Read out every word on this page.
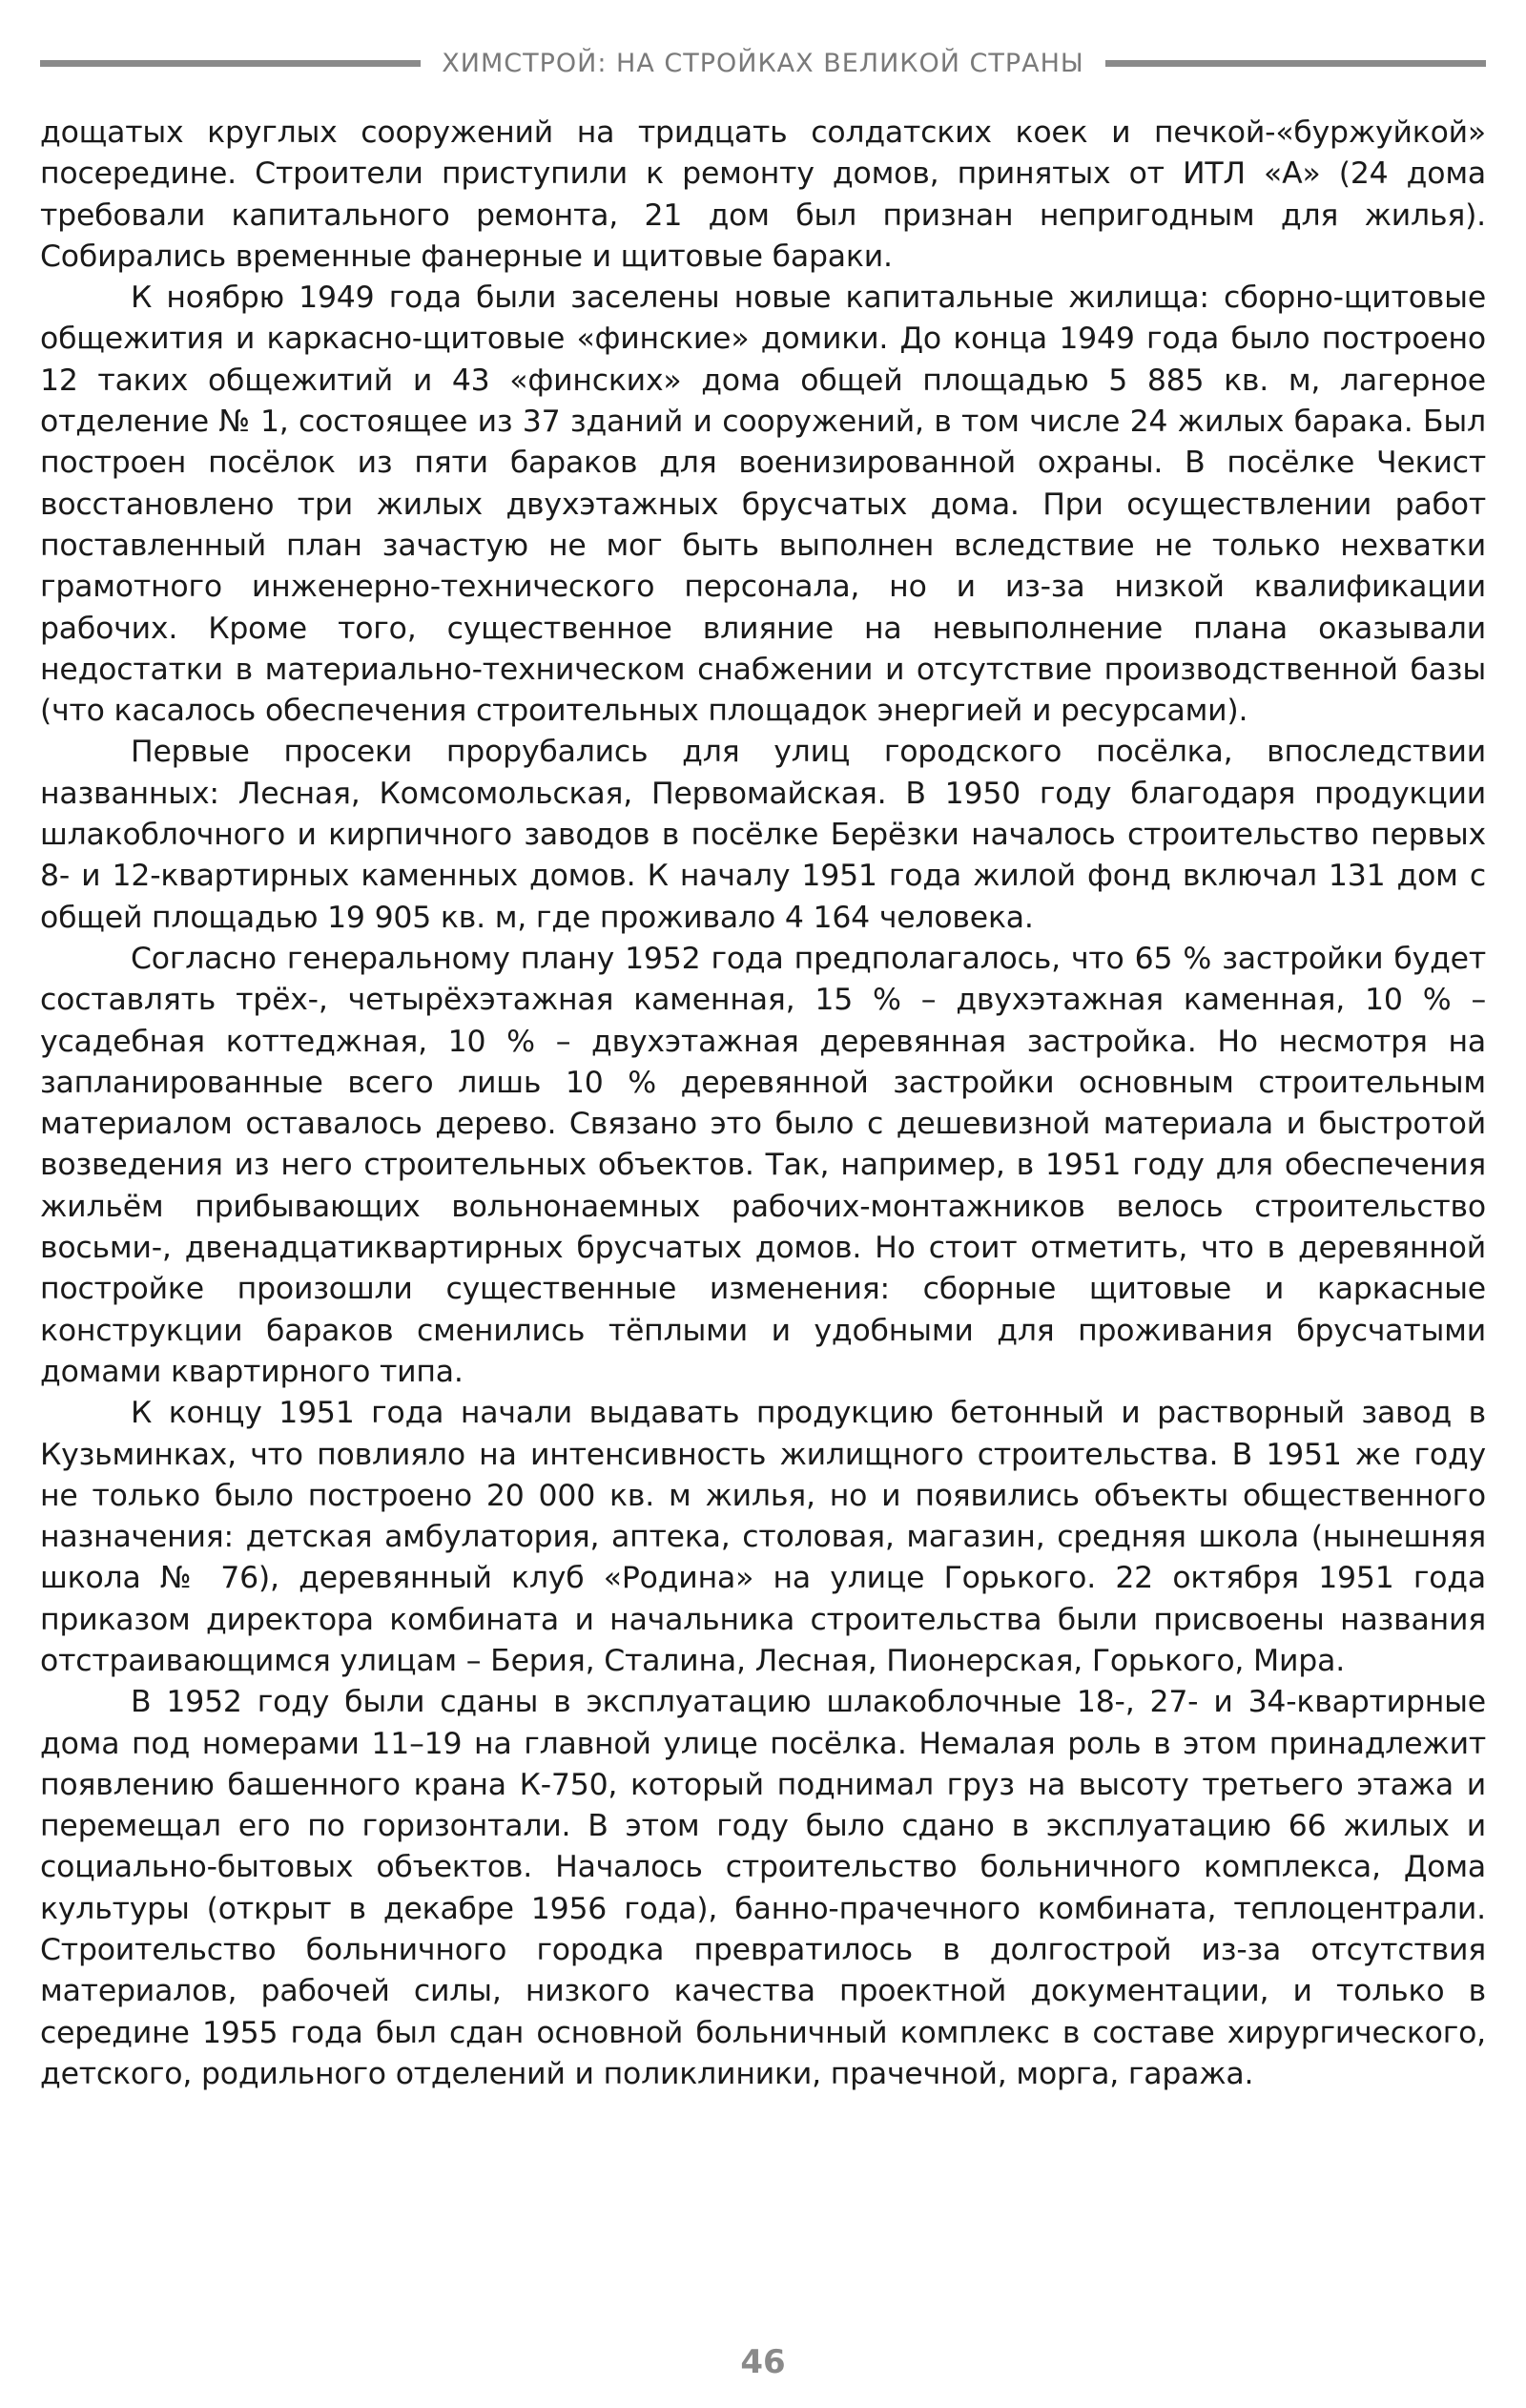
ХИМСТРОЙ: НА СТРОЙКАХ ВЕЛИКОЙ СТРАНЫ

дощатых круглых сооружений на тридцать солдатских коек и печкой-«буржуйкой» посередине. Строители приступили к ремонту домов, принятых от ИТЛ «А» (24 дома требовали капитального ремонта, 21 дом был признан непригодным для жилья). Собирались временные фанерные и щитовые бараки.

К ноябрю 1949 года были заселены новые капитальные жилища: сборно-щитовые общежития и каркасно-щитовые «финские» домики. До конца 1949 года было построено 12 таких общежитий и 43 «финских» дома общей площадью 5 885 кв. м, лагерное отделение № 1, состоящее из 37 зданий и сооружений, в том числе 24 жилых барака. Был построен посёлок из пяти бараков для военизированной охраны. В посёлке Чекист восстановлено три жилых двухэтажных брусчатых дома. При осуществлении работ поставленный план зачастую не мог быть выполнен вследствие не только нехватки грамотного инженерно-технического персонала, но и из-за низкой квалификации рабочих. Кроме того, существенное влияние на невыполнение плана оказывали недостатки в материально-техническом снабжении и отсутствие производственной базы (что касалось обеспечения строительных площадок энергией и ресурсами).

Первые просеки прорубались для улиц городского посёлка, впоследствии названных: Лесная, Комсомольская, Первомайская. В 1950 году благодаря продукции шлакоблочного и кирпичного заводов в посёлке Берёзки началось строительство первых 8- и 12-квартирных каменных домов. К началу 1951 года жилой фонд включал 131 дом с общей площадью 19 905 кв. м, где проживало 4 164 человека.

Согласно генеральному плану 1952 года предполагалось, что 65 % застройки будет составлять трёх-, четырёхэтажная каменная, 15 % – двухэтажная каменная, 10 % – усадебная коттеджная, 10 % – двухэтажная деревянная застройка. Но несмотря на запланированные всего лишь 10 % деревянной застройки основным строительным материалом оставалось дерево. Связано это было с дешевизной материала и быстротой возведения из него строительных объектов. Так, например, в 1951 году для обеспечения жильём прибывающих вольнонаемных рабочих-монтажников велось строительство восьми-, двенадцатиквартирных брусчатых домов. Но стоит отметить, что в деревянной постройке произошли существенные изменения: сборные щитовые и каркасные конструкции бараков сменились тёплыми и удобными для проживания брусчатыми домами квартирного типа.

К концу 1951 года начали выдавать продукцию бетонный и растворный завод в Кузьминках, что повлияло на интенсивность жилищного строительства. В 1951 же году не только было построено 20 000 кв. м жилья, но и появились объекты общественного назначения: детская амбулатория, аптека, столовая, магазин, средняя школа (нынешняя школа № 76), деревянный клуб «Родина» на улице Горького. 22 октября 1951 года приказом директора комбината и начальника строительства были присвоены названия отстраивающимся улицам – Берия, Сталина, Лесная, Пионерская, Горького, Мира.

В 1952 году были сданы в эксплуатацию шлакоблочные 18-, 27- и 34-квартирные дома под номерами 11–19 на главной улице посёлка. Немалая роль в этом принадлежит появлению башенного крана К-750, который поднимал груз на высоту третьего этажа и перемещал его по горизонтали. В этом году было сдано в эксплуатацию 66 жилых и социально-бытовых объектов. Началось строительство больничного комплекса, Дома культуры (открыт в декабре 1956 года), банно-прачечного комбината, теплоцентрали. Строительство больничного городка превратилось в долгострой из-за отсутствия материалов, рабочей силы, низкого качества проектной документации, и только в середине 1955 года был сдан основной больничный комплекс в составе хирургического, детского, родильного отделений и поликлиники, прачечной, морга, гаража.

46
